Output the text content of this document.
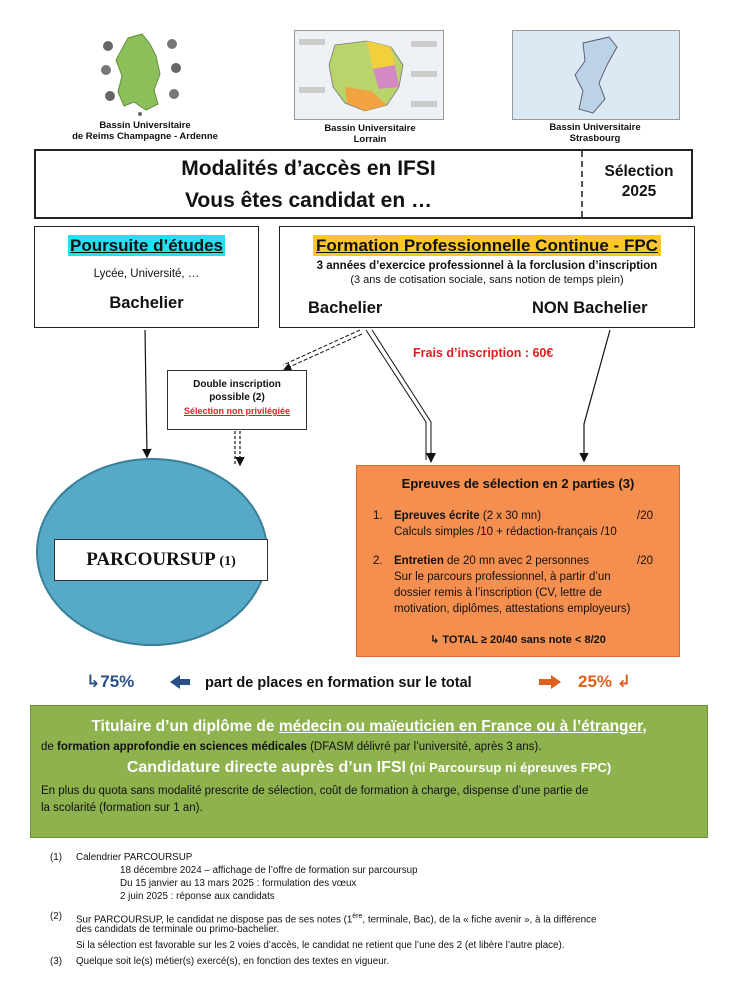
Bassin Universitaire
de Reims Champagne - Ardenne
Bassin Universitaire
Lorrain
Bassin Universitaire
Strasbourg
Modalités d’accès en IFSI
Vous êtes candidat en …
Sélection
2025
Poursuite d’études
Lycée, Université, …
Bachelier
Formation Professionnelle Continue - FPC
3 années d’exercice professionnel à la forclusion d’inscription
(3 ans de cotisation sociale, sans notion de temps plein)
Bachelier	NON Bachelier
Frais d’inscription : 60€
Double inscription
possible (2)
Sélection non privilégiée
PARCOURSUP (1)
Epreuves de sélection en 2 parties (3)
1. Epreuves écrite (2 x 30 mn)	/20
Calculs simples /10 + rédaction-français /10
2. Entretien de 20 mn avec 2 personnes	/20
Sur le parcours professionnel, à partir d’un
dossier remis à l’inscription (CV, lettre de
motivation, diplômes, attestations employeurs)
↳ TOTAL ≥ 20/40 sans note < 8/20
↳75%	part de places en formation sur le total	25% ↲
Titulaire d’un diplôme de médecin ou maïeuticien en France ou à l’étranger,
de formation approfondie en sciences médicales (DFASM délivré par l’université, après 3 ans).
Candidature directe auprès d’un IFSI (ni Parcoursup ni épreuves FPC)
En plus du quota sans modalité prescrite de sélection, coût de formation à charge, dispense d’une partie de
la scolarité (formation sur 1 an).
(1) Calendrier PARCOURSUP
18 décembre 2024 – affichage de l’offre de formation sur parcoursup
Du 15 janvier au 13 mars 2025 : formulation des vœux
2 juin 2025 : réponse aux candidats
(2) Sur PARCOURSUP, le candidat ne dispose pas de ses notes (1ère, terminale, Bac), de la « fiche avenir », à la différence
des candidats de terminale ou primo-bachelier.
Si la sélection est favorable sur les 2 voies d’accès, le candidat ne retient que l’une des 2 (et libère l’autre place).
(3) Quelque soit le(s) métier(s) exercé(s), en fonction des textes en vigueur.
